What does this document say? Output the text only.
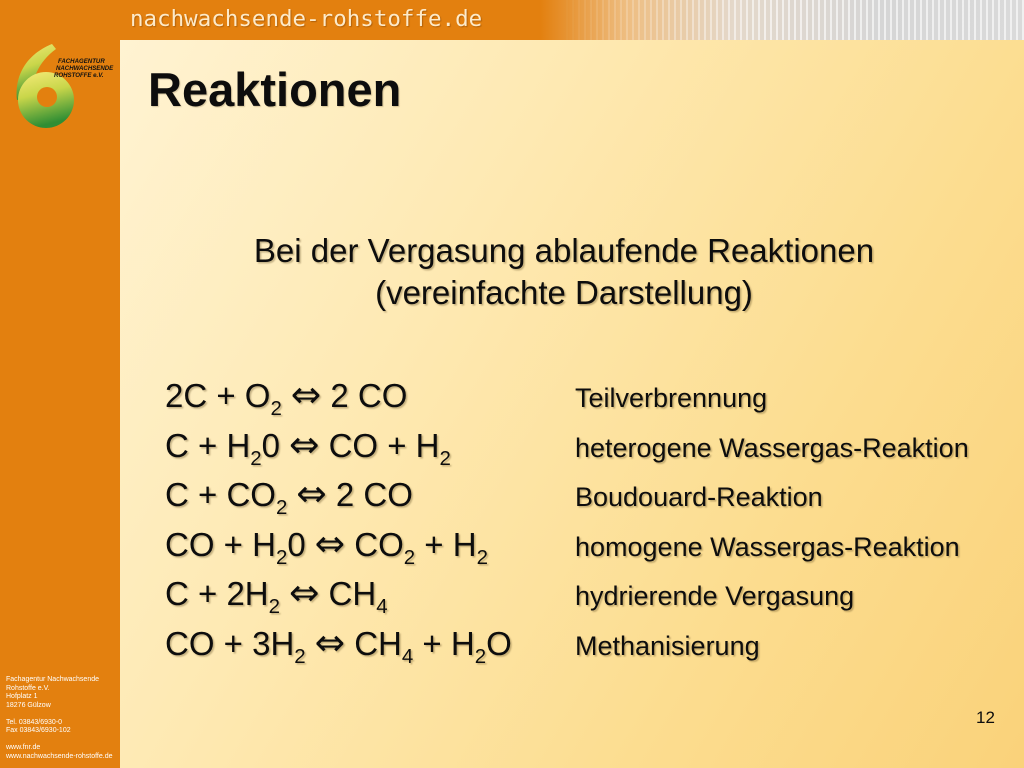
FACHAGENTUR
NACHWACHSENDE
ROHSTOFFE e.V.
Fachagentur Nachwachsende
Rohstoffe e.V.
Hofplatz 1
18276 Gülzow
Tel. 03843/6930-0
Fax 03843/6930-102
www.fnr.de
www.nachwachsende-rohstoffe.de
nachwachsende-rohstoffe.de
Reaktionen
Bei der Vergasung ablaufende Reaktionen
(vereinfachte Darstellung)
$2C + O_2$ ⇔ 2 CO	Teilverbrennung
$C + H_20$ ⇔ CO + $H_2$	heterogene Wassergas-Reaktion
$C + CO_2$ ⇔ 2 CO	Boudouard-Reaktion
CO + $H_20$ ⇔ $CO_2 + H_2$	homogene Wassergas-Reaktion
$C + 2H_2$ ⇔ $CH_4$	hydrierende Vergasung
CO + $3H_2$ ⇔ $CH_4 + H_2O$	Methanisierung
12
